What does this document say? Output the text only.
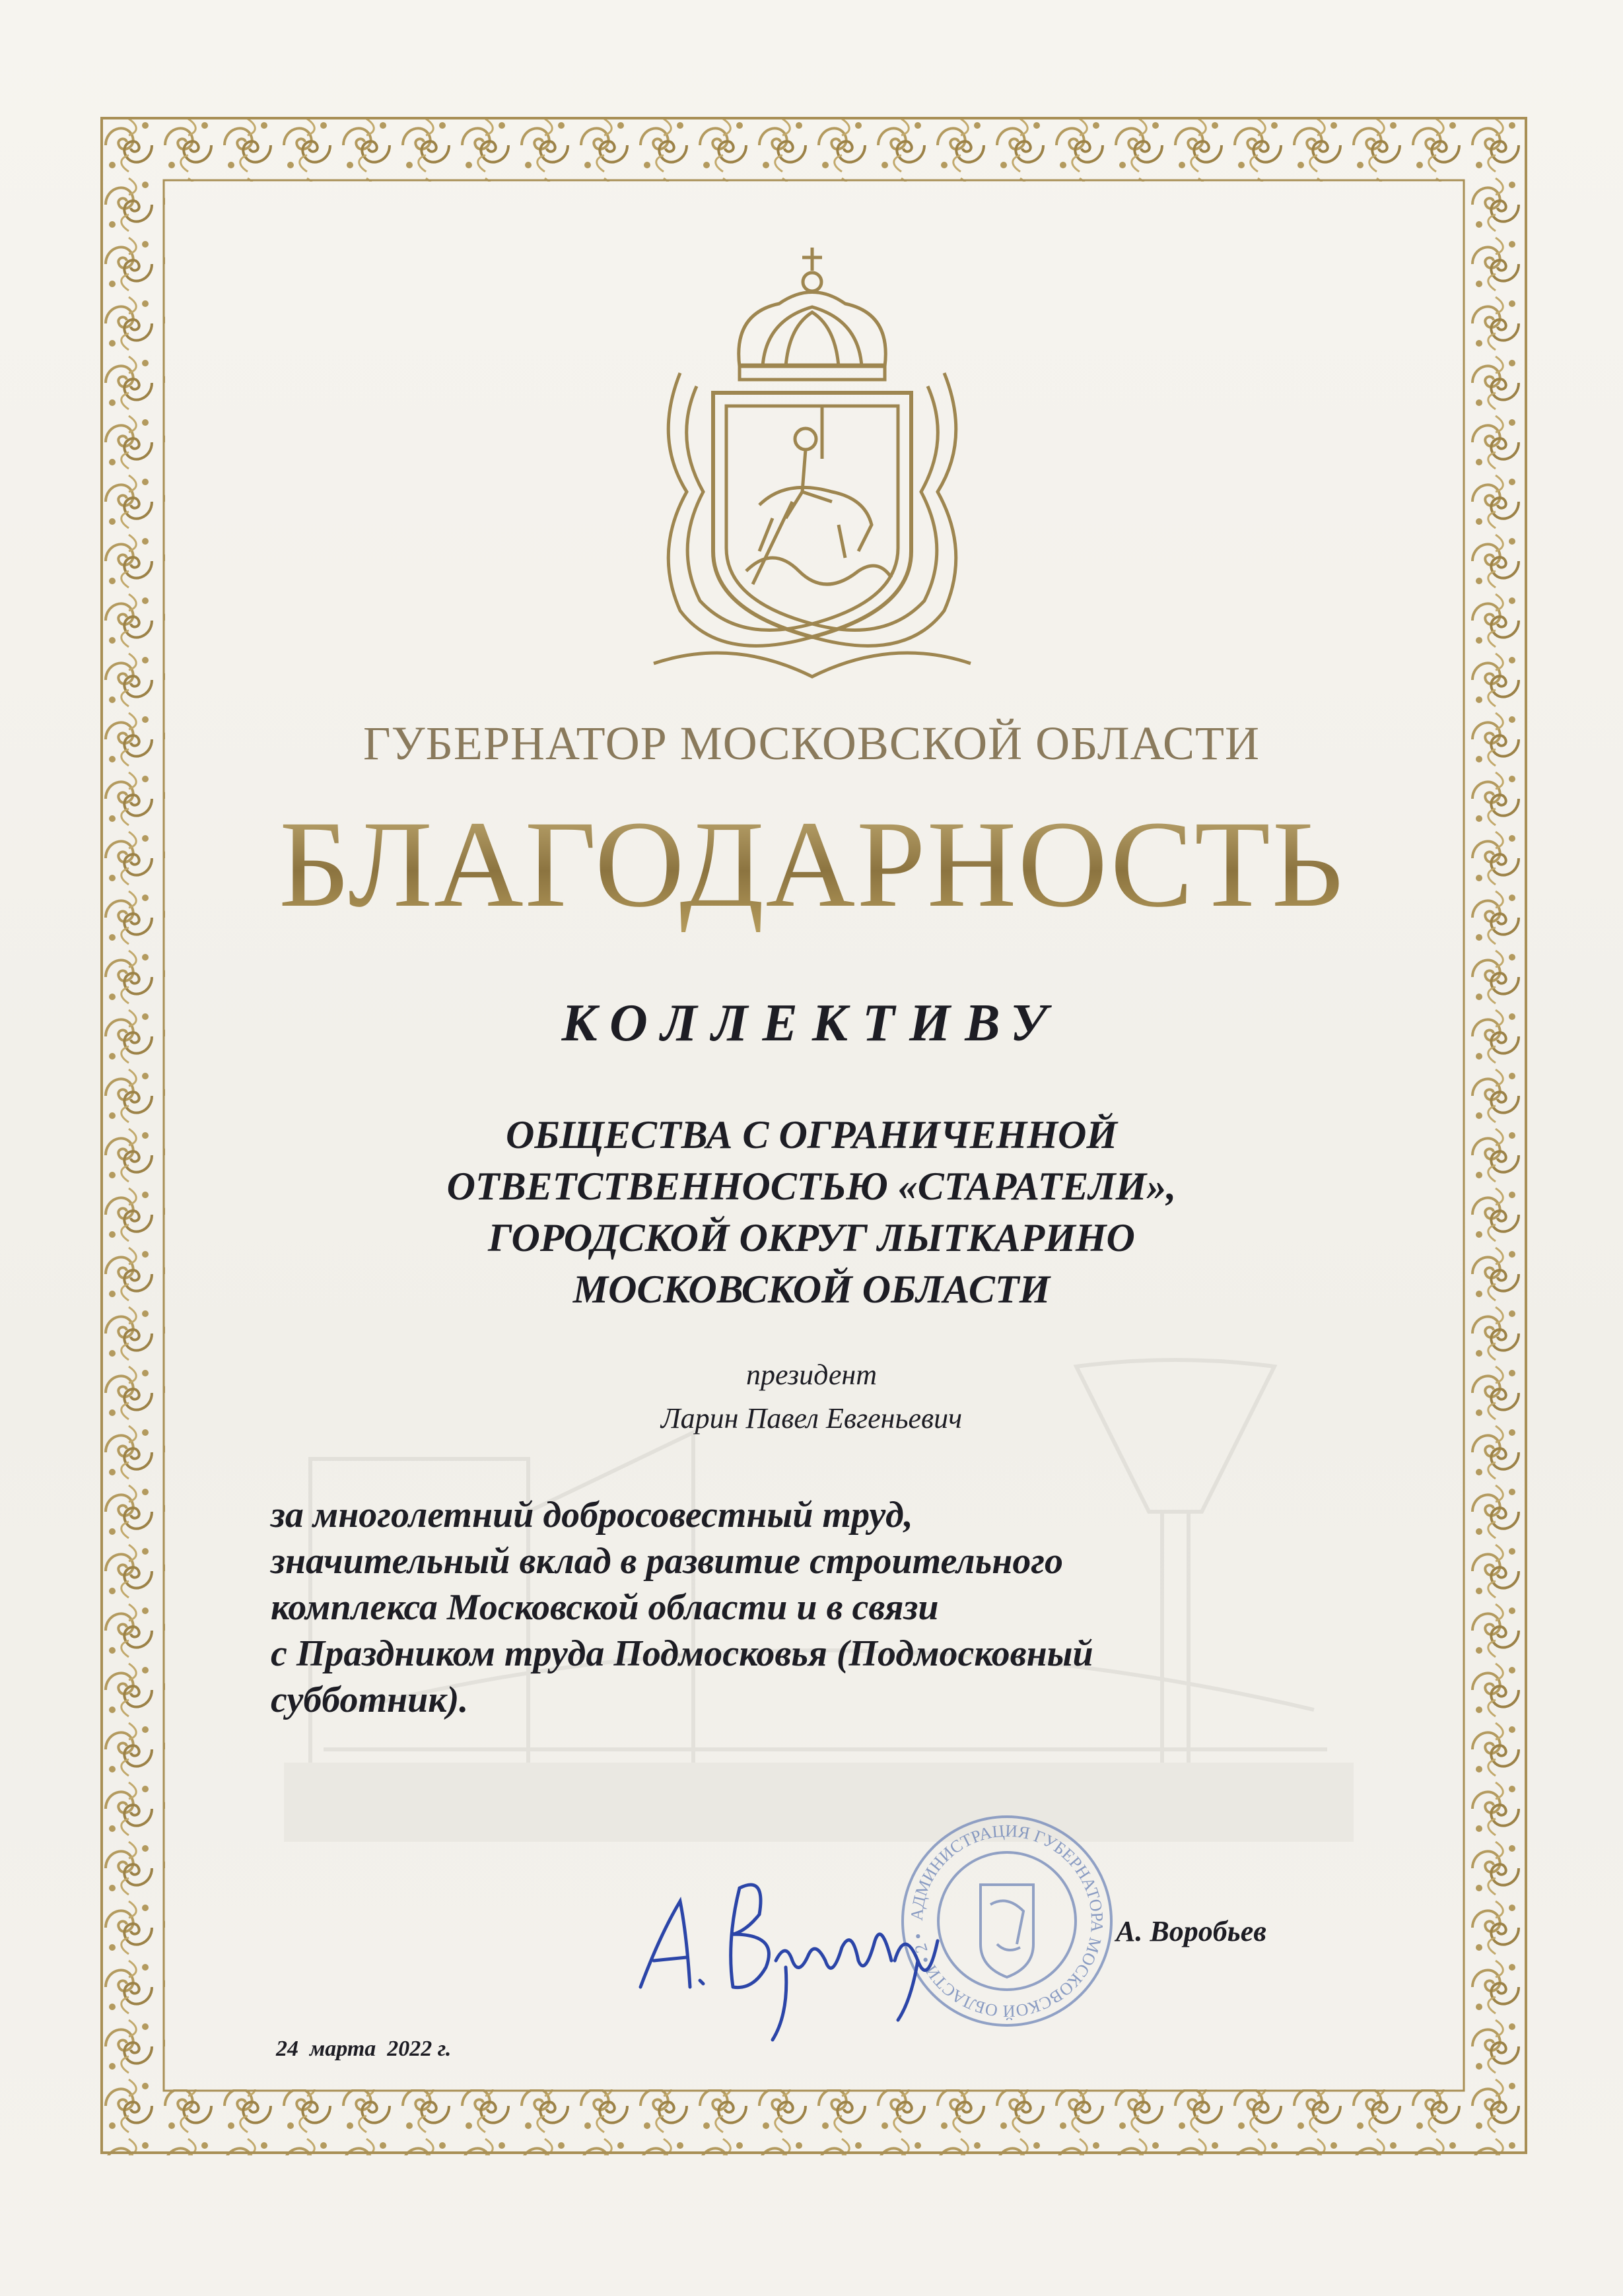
ГУБЕРНАТОР МОСКОВСКОЙ ОБЛАСТИ
БЛАГОДАРНОСТЬ
КОЛЛЕКТИВУ
ОБЩЕСТВА С ОГРАНИЧЕННОЙ
ОТВЕТСТВЕННОСТЬЮ «СТАРАТЕЛИ»,
ГОРОДСКОЙ ОКРУГ ЛЫТКАРИНО
МОСКОВСКОЙ ОБЛАСТИ
президент
Ларин Павел Евгеньевич
за многолетний добросовестный труд,
значительный вклад в развитие строительного
комплекса Московской области и в связи
с Праздником труда Подмосковья (Подмосковный
субботник).
АДМИНИСТРАЦИЯ ГУБЕРНАТОРА МОСКОВСКОЙ ОБЛАСТИ • 2 •	А. Воробьев
24  марта  2022 г.
